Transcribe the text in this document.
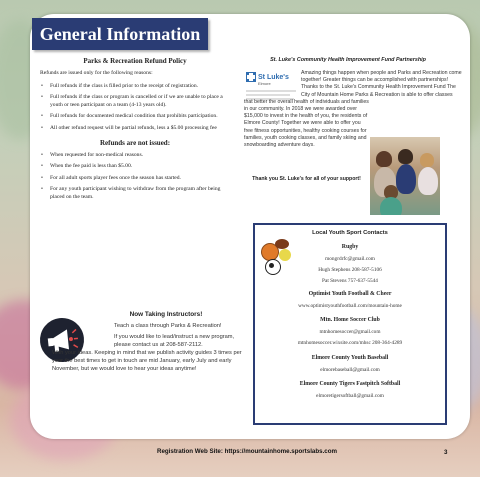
General Information
Parks & Recreation Refund Policy
Refunds are issued only for the following reasons:
• Full refunds if the class is filled prior to the receipt of registration.
• Full refunds if the class or program is cancelled or if we are unable to place a youth or teen participant on a team (4-13 years old).
• Full refunds for documented medical condition that prohibits participation.
• All other refund request will be partial refunds, less a $5.00 processing fee
Refunds are not issued:
• When requested for non-medical reasons.
• When the fee paid is less than $5.00.
• For all adult sports player fees once the season has started.
• For any youth participant wishing to withdraw from the program after being placed on the team.
Now Taking Instructors!
Teach a class through Parks & Recreation!
If you would like to lead/instruct a new program, please contact us at 208-587-2112.
With your ideas. Keeping in mind that we publish activity guides 3 times per year the best times to get in touch are mid January, early July and early November, but we would love to hear your ideas anytime!
St. Luke's Community Health Improvement Fund Partnership
St Luke's
Elmore
Amazing things happen when people and Parks and Recreation come together! Greater things can be accomplished with partnerships! Thanks to the St. Luke's Community Health Improvement Fund The City of Mountain Home Parks & Recreation is able to offer classes
that better the overall health of individuals and families in our community. In 2018 we were awarded over $15,000 to invest in the health of you, the residents of Elmore County! Together we were able to offer you free fitness opportunities, healthy cooking courses for families, youth cooking classes, and family skiing and snowboarding adventure days.
Thank you St. Luke's for all of your support!
Local Youth Sport Contacts
Rugby
mongrdrfc@gmail.com
Hugh Stephens 208-587-5106
Pat Stevens 757-637-5544
Optimist Youth Football & Cheer
www.optimistyouthfootball.com/mountain-home
Mtn. Home Soccer Club
mtnhomesoccer@gmail.com
mtnhomesoccer.wixsite.com/mhsc 208-364-4289
Elmore County Youth Baseball
elmorebaseball@gmail.com
Elmore County Tigers Fastpitch Softball
elmoretigersoftball@gmail.com
Registration Web Site: https://mountainhome.sportslabs.com	3
